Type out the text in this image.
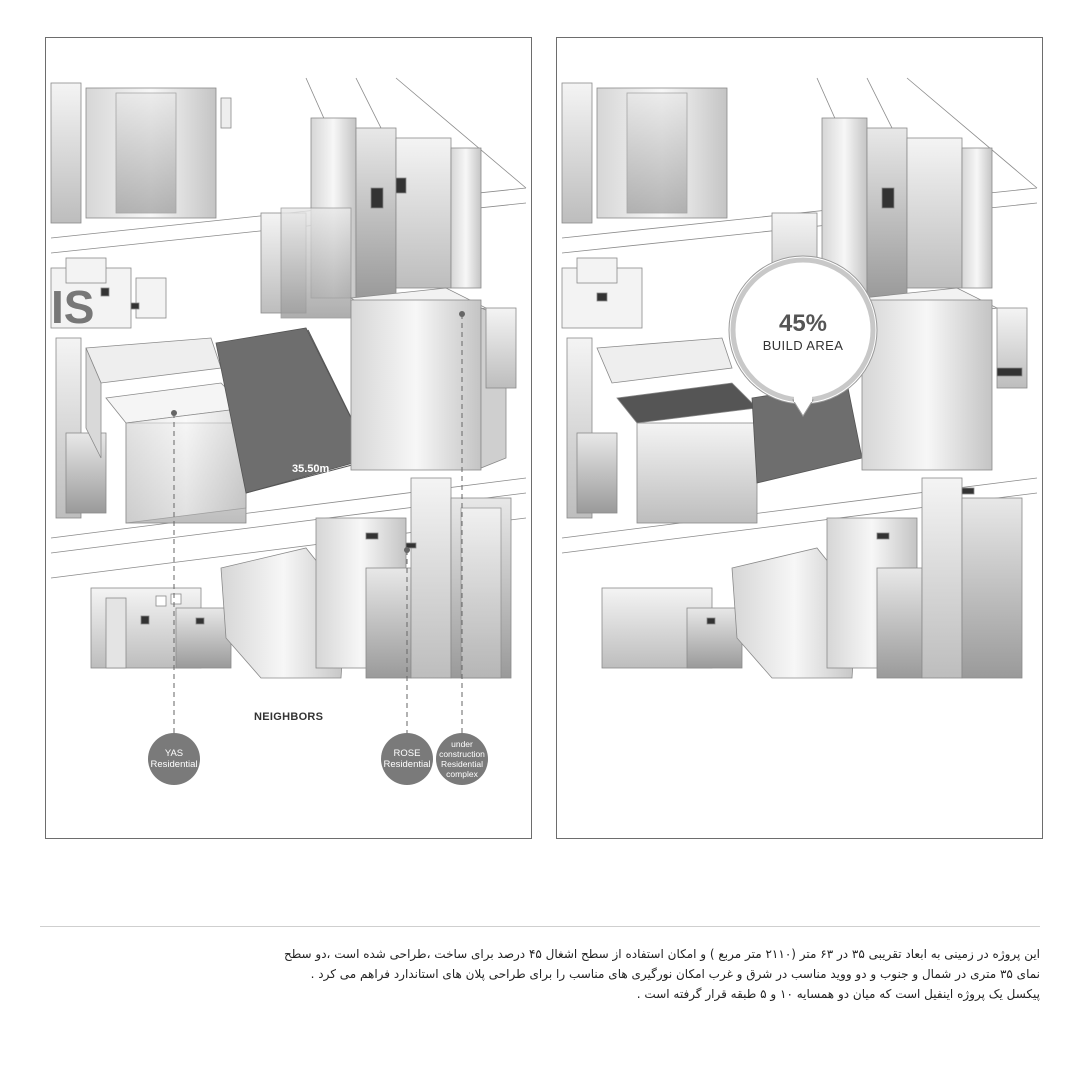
IS
35.50m
NEIGHBORS
YAS
Residential
ROSE
Residential
under
construction
Residential
complex
45%
BUILD AREA

این پروژه در زمینی به ابعاد تقریبی ۳۵ در ۶۳ متر (۲۱۱۰ متر مربع ) و امکان استفاده از سطح اشغال ۴۵ درصد برای ساخت ،طراحی شده است ،دو سطح

نمای ۳۵ متری در شمال و جنوب و دو ووید مناسب در شرق و غرب امکان نورگیری های مناسب را برای طراحی پلان های استاندارد فراهم می کرد .

پیکسل یک پروژه اینفیل است که میان دو همسایه ۱۰ و ۵ طبقه قرار گرفته است .
